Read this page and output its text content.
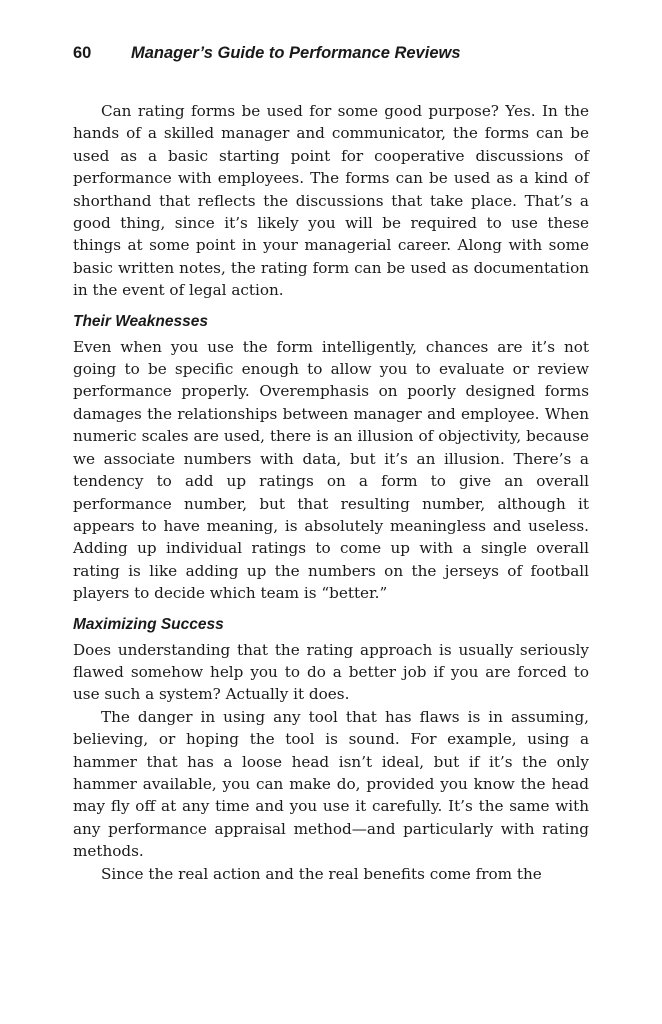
60 Manager’s Guide to Performance Reviews

Can rating forms be used for some good purpose? Yes. In the hands of a skilled manager and communicator, the forms can be used as a basic starting point for cooperative discussions of performance with employees. The forms can be used as a kind of shorthand that reflects the discussions that take place. That’s a good thing, since it’s likely you will be required to use these things at some point in your managerial career. Along with some basic written notes, the rating form can be used as documentation in the event of legal action.

Their Weaknesses

Even when you use the form intelligently, chances are it’s not going to be specific enough to allow you to evaluate or review performance properly. Overemphasis on poorly designed forms damages the relationships between manager and employee. When numeric scales are used, there is an illusion of objectivity, because we associate numbers with data, but it’s an illusion. There’s a tendency to add up ratings on a form to give an overall performance number, but that resulting number, although it appears to have meaning, is absolutely meaningless and useless. Adding up individual ratings to come up with a single overall rating is like adding up the numbers on the jerseys of football players to decide which team is “better.”

Maximizing Success

Does understanding that the rating approach is usually seriously flawed somehow help you to do a better job if you are forced to use such a system? Actually it does.

The danger in using any tool that has flaws is in assuming, believing, or hoping the tool is sound. For example, using a hammer that has a loose head isn’t ideal, but if it’s the only hammer available, you can make do, provided you know the head may fly off at any time and you use it carefully. It’s the same with any performance appraisal method—and particularly with rating methods.

Since the real action and the real benefits come from the
